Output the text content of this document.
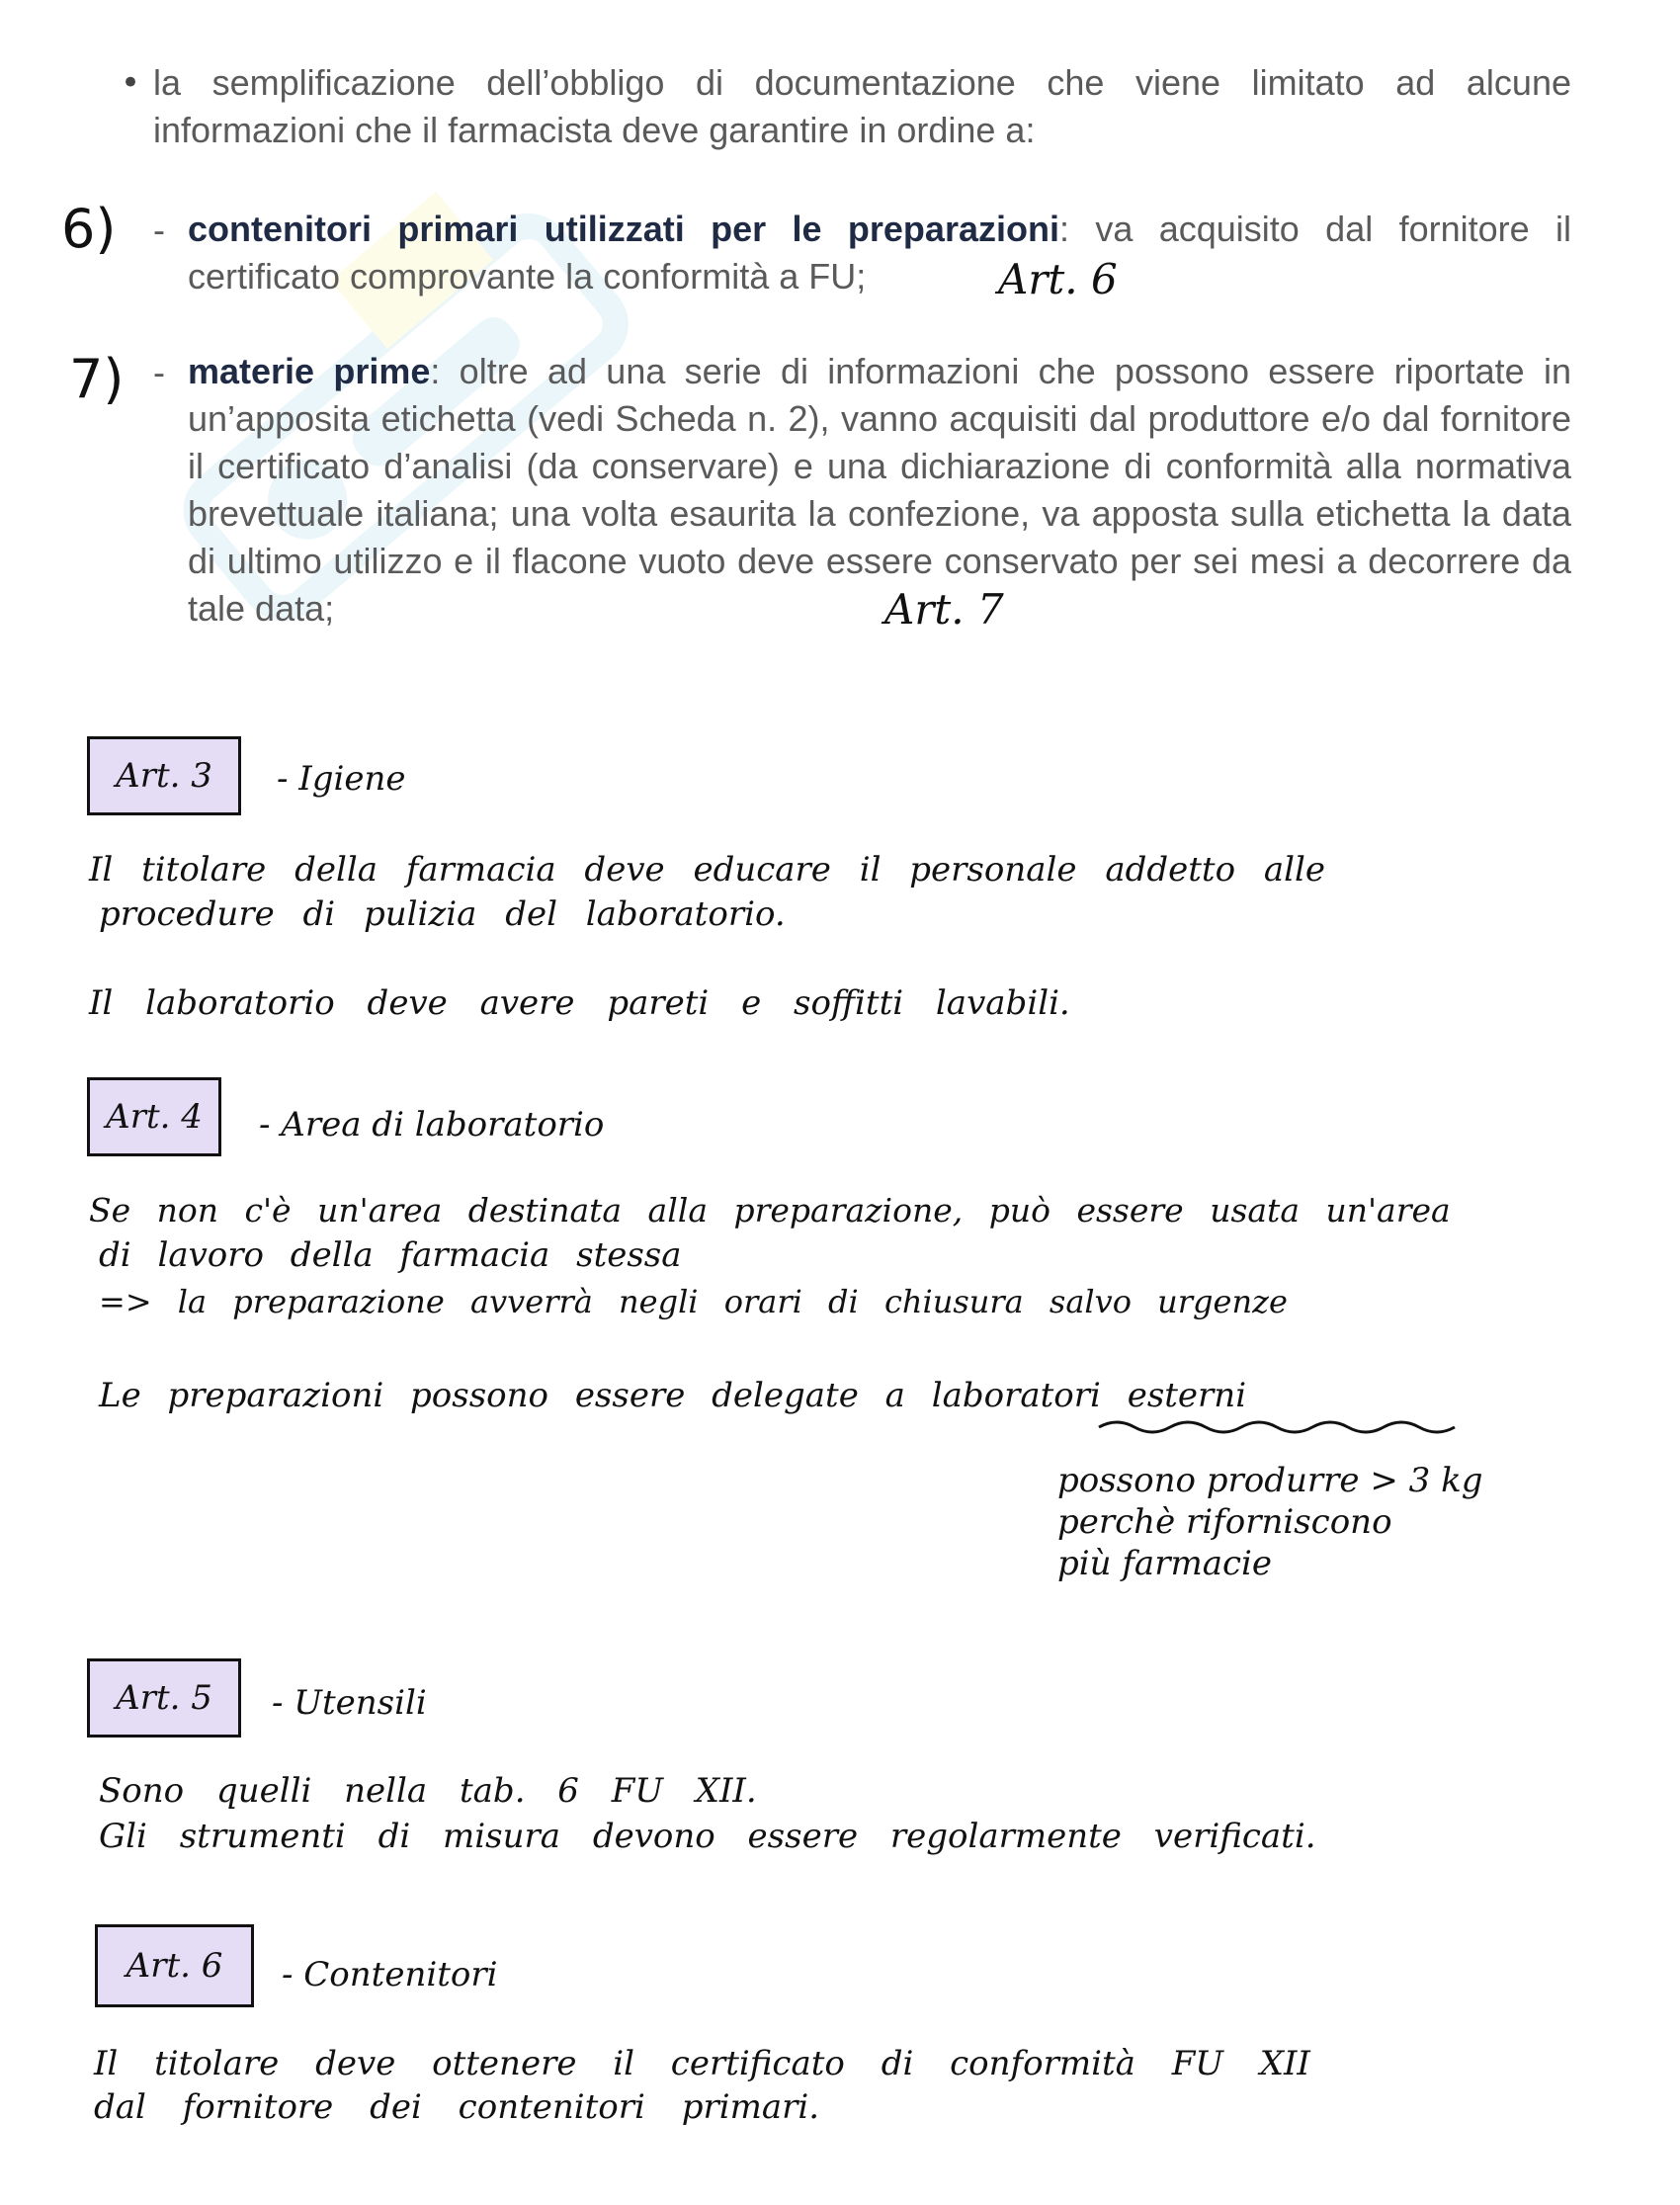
• la semplificazione dell’obbligo di documentazione che viene limitato ad alcune informazioni che il farmacista deve garantire in ordine a:
6) - contenitori primari utilizzati per le preparazioni: va acquisito dal fornitore il certificato comprovante la conformità a FU;	Art. 6
7) - materie prime: oltre ad una serie di informazioni che possono essere riportate in un’apposita etichetta (vedi Scheda n. 2), vanno acquisiti dal produttore e/o dal fornitore il certificato d’analisi (da conservare) e una dichiarazione di conformità alla normativa brevettuale italiana; una volta esaurita la confezione, va apposta sulla etichetta la data di ultimo utilizzo e il flacone vuoto deve essere conservato per sei mesi a decorrere da tale data;	Art. 7
Art. 3 - Igiene
Il titolare della farmacia deve educare il personale addetto alle
procedure di pulizia del laboratorio.
Il laboratorio deve avere pareti e soffitti lavabili.
Art. 4 - Area di laboratorio
Se non c'è un'area destinata alla preparazione, può essere usata un'area
di lavoro della farmacia stessa
=> la preparazione avverrà negli orari di chiusura salvo urgenze
Le preparazioni possono essere delegate a laboratori esterni
possono produrre > 3 kg
perchè riforniscono
più farmacie
Art. 5 - Utensili
Sono quelli nella tab. 6 FU XII.
Gli strumenti di misura devono essere regolarmente verificati.
Art. 6 - Contenitori
Il titolare deve ottenere il certificato di conformità FU XII
dal fornitore dei contenitori primari.
